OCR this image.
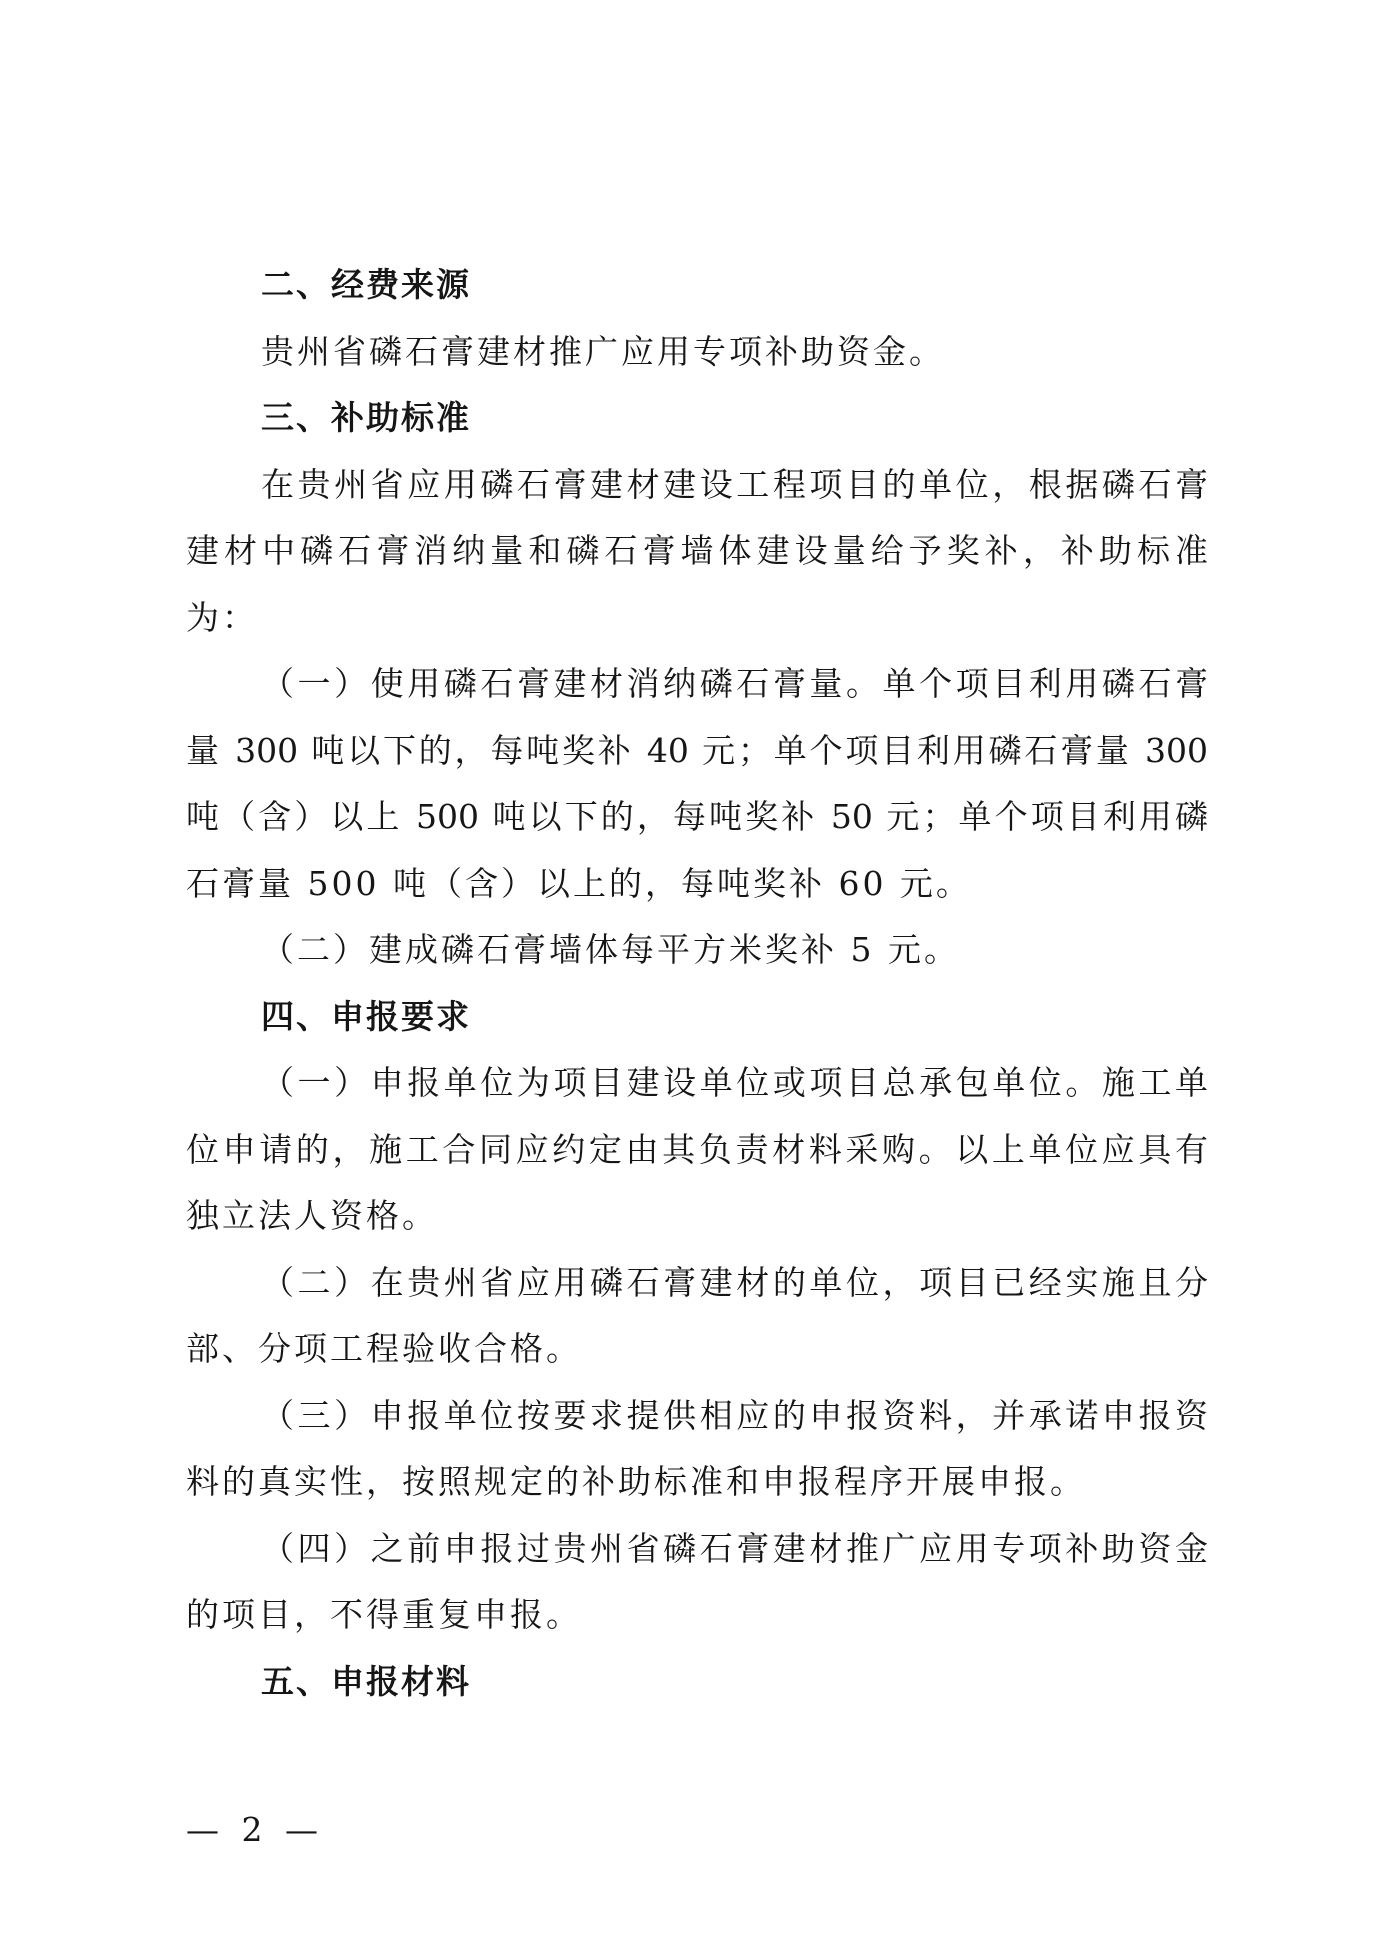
二、经费来源
贵州省磷石膏建材推广应用专项补助资金。
三、补助标准
在贵州省应用磷石膏建材建设工程项目的单位，根据磷石膏
建材中磷石膏消纳量和磷石膏墙体建设量给予奖补，补助标准
为：
（一）使用磷石膏建材消纳磷石膏量。单个项目利用磷石膏
量 300 吨以下的，每吨奖补 40 元；单个项目利用磷石膏量 300
吨（含）以上 500 吨以下的，每吨奖补 50 元；单个项目利用磷
石膏量 500 吨（含）以上的，每吨奖补 60 元。
（二）建成磷石膏墙体每平方米奖补 5 元。
四、申报要求
（一）申报单位为项目建设单位或项目总承包单位。施工单
位申请的，施工合同应约定由其负责材料采购。以上单位应具有
独立法人资格。
（二）在贵州省应用磷石膏建材的单位，项目已经实施且分
部、分项工程验收合格。
（三）申报单位按要求提供相应的申报资料，并承诺申报资
料的真实性，按照规定的补助标准和申报程序开展申报。
（四）之前申报过贵州省磷石膏建材推广应用专项补助资金
的项目，不得重复申报。
五、申报材料
— 2 —
